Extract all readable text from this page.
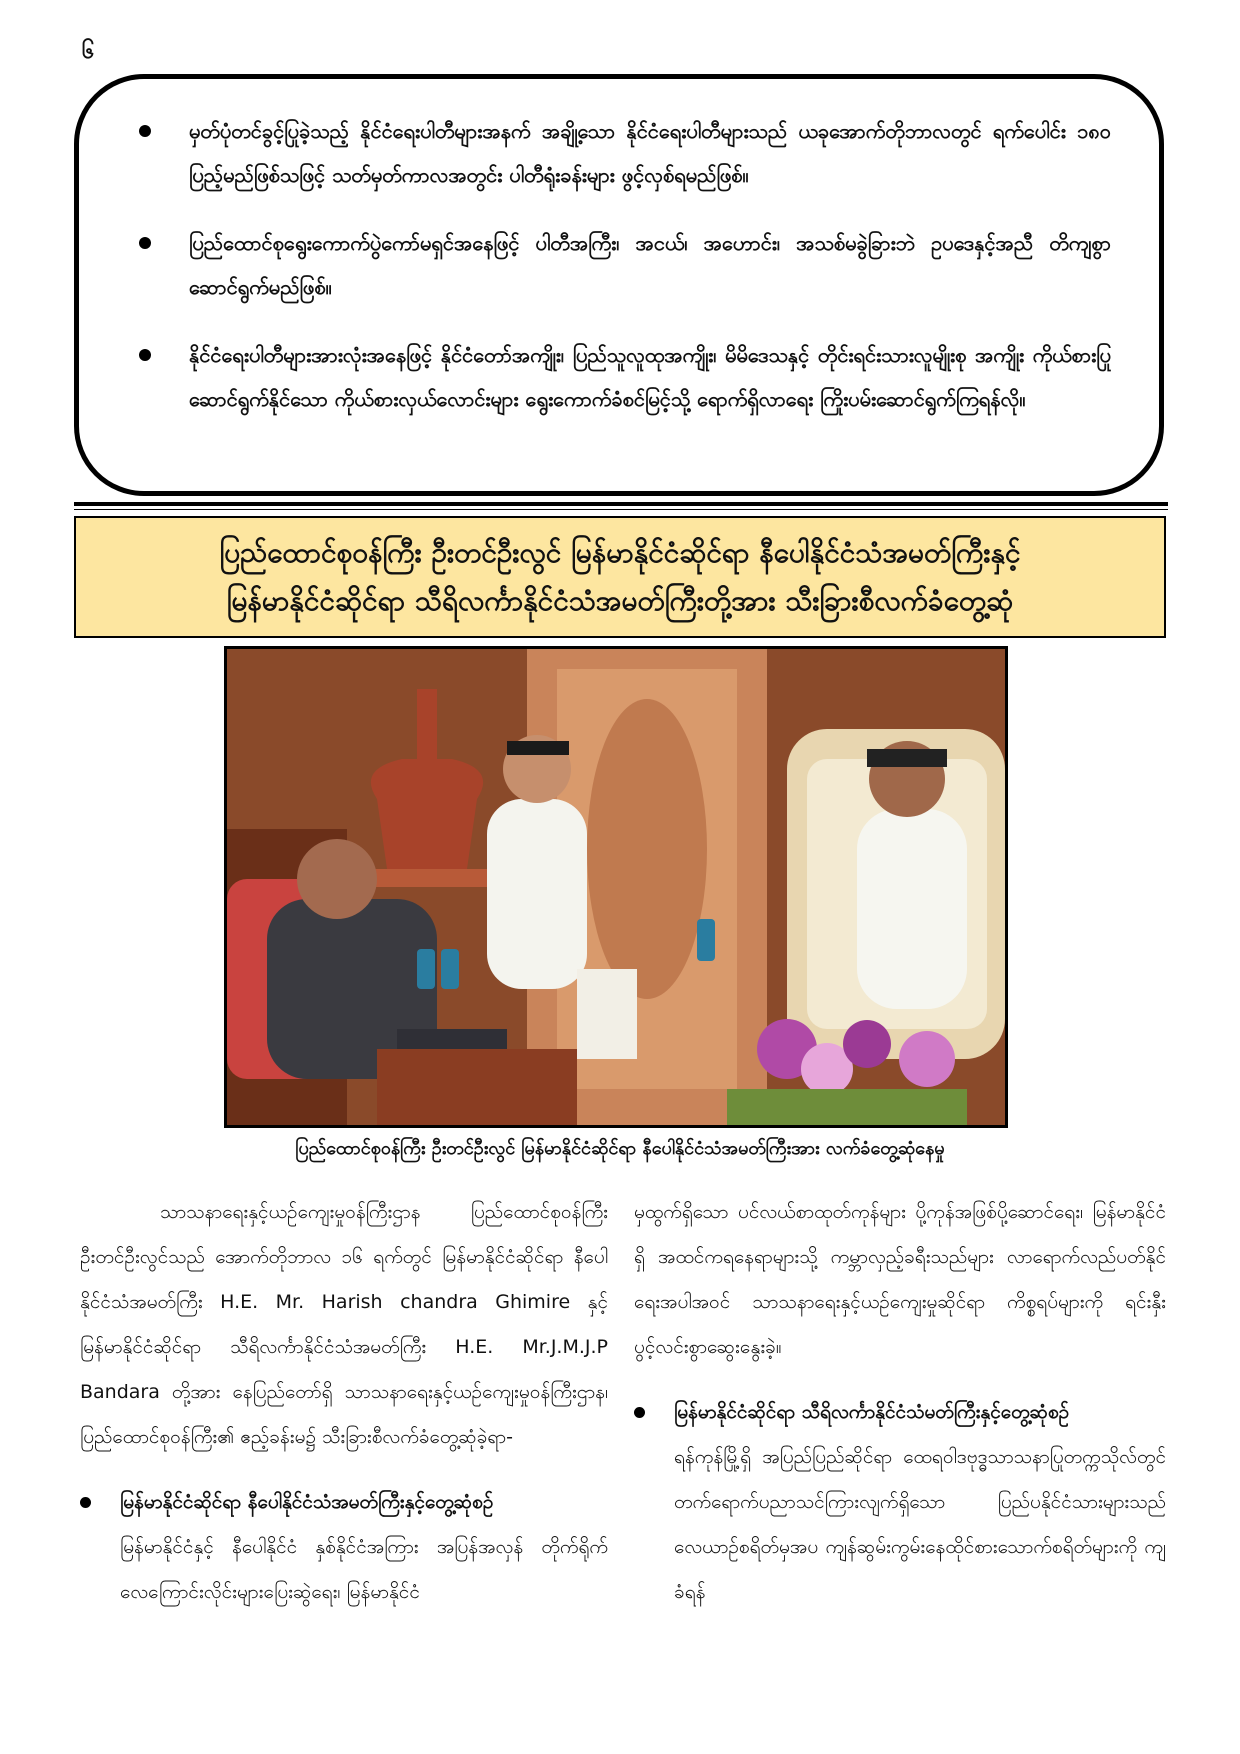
၆
မှတ်ပုံတင်ခွင့်ပြုခဲ့သည့် နိုင်ငံရေးပါတီများအနက် အချို့သော နိုင်ငံရေးပါတီများသည် ယခုအောက်တိုဘာလတွင် ရက်ပေါင်း ၁၈၀ ပြည့်မည်ဖြစ်သဖြင့် သတ်မှတ်ကာလအတွင်း ပါတီရုံးခန်းများ ဖွင့်လှစ်ရမည်ဖြစ်။
ပြည်ထောင်စုရွေးကောက်ပွဲကော်မရှင်အနေဖြင့် ပါတီအကြီး၊ အငယ်၊ အဟောင်း၊ အသစ်မခွဲခြားဘဲ ဥပဒေနှင့်အညီ တိကျစွာ ဆောင်ရွက်မည်ဖြစ်။
နိုင်ငံရေးပါတီများအားလုံးအနေဖြင့် နိုင်ငံတော်အကျိုး၊ ပြည်သူလူထုအကျိုး၊ မိမိဒေသနှင့် တိုင်းရင်းသားလူမျိုးစု အကျိုး ကိုယ်စားပြုဆောင်ရွက်နိုင်သော ကိုယ်စားလှယ်လောင်းများ ရွေးကောက်ခံစင်မြင့်သို့ ရောက်ရှိလာရေး ကြိုးပမ်းဆောင်ရွက်ကြရန်လို။
ပြည်ထောင်စုဝန်ကြီး ဦးတင်ဦးလွင် မြန်မာနိုင်ငံဆိုင်ရာ နီပေါနိုင်ငံသံအမတ်ကြီးနှင့်
မြန်မာနိုင်ငံဆိုင်ရာ သီရိလင်္ကာနိုင်ငံသံအမတ်ကြီးတို့အား သီးခြားစီလက်ခံတွေ့ဆုံ
ပြည်ထောင်စုဝန်ကြီး ဦးတင်ဦးလွင် မြန်မာနိုင်ငံဆိုင်ရာ နီပေါနိုင်ငံသံအမတ်ကြီးအား လက်ခံတွေ့ဆုံနေမှု

သာသနာရေးနှင့်ယဉ်ကျေးမှုဝန်ကြီးဌာန ပြည်ထောင်စုဝန်ကြီး ဦးတင်ဦးလွင်သည် အောက်တိုဘာလ ၁၆ ရက်တွင် မြန်မာနိုင်ငံဆိုင်ရာ နီပေါနိုင်ငံသံအမတ်ကြီး H.E. Mr. Harish chandra Ghimire နှင့် မြန်မာနိုင်ငံဆိုင်ရာ သီရိလင်္ကာနိုင်ငံသံအမတ်ကြီး H.E. Mr.J.M.J.P Bandara တို့အား နေပြည်တော်ရှိ သာသနာရေးနှင့်ယဉ်ကျေးမှုဝန်ကြီးဌာန၊ ပြည်ထောင်စုဝန်ကြီး၏ ဧည့်ခန်းမ၌ သီးခြားစီလက်ခံတွေ့ဆုံခဲ့ရာ-

မြန်မာနိုင်ငံဆိုင်ရာ နီပေါနိုင်ငံသံအမတ်ကြီးနှင့်တွေ့ဆုံစဉ်
မြန်မာနိုင်ငံနှင့် နီပေါနိုင်ငံ နှစ်နိုင်ငံအကြား အပြန်အလှန် တိုက်ရိုက်လေကြောင်းလိုင်းများပြေးဆွဲရေး၊ မြန်မာနိုင်ငံ

မှထွက်ရှိသော ပင်လယ်စာထုတ်ကုန်များ ပို့ကုန်အဖြစ်ပို့ဆောင်ရေး၊ မြန်မာနိုင်ငံရှိ အထင်ကရနေရာများသို့ ကမ္ဘာလှည့်ခရီးသည်များ လာရောက်လည်ပတ်နိုင်ရေးအပါအဝင် သာသနာရေးနှင့်ယဉ်ကျေးမှုဆိုင်ရာ ကိစ္စရပ်များကို ရင်းနှီးပွင့်လင်းစွာဆွေးနွေးခဲ့။

မြန်မာနိုင်ငံဆိုင်ရာ သီရိလင်္ကာနိုင်ငံသံမတ်ကြီးနှင့်တွေ့ဆုံစဉ်
ရန်ကုန်မြို့ရှိ အပြည်ပြည်ဆိုင်ရာ ထေရဝါဒဗုဒ္ဓသာသနာပြုတက္ကသိုလ်တွင် တက်ရောက်ပညာသင်ကြားလျက်ရှိသော ပြည်ပနိုင်ငံသားများသည် လေယာဉ်စရိတ်မှအပ ကျန်ဆွမ်းကွမ်းနေထိုင်စားသောက်စရိတ်များကို ကျခံရန်
